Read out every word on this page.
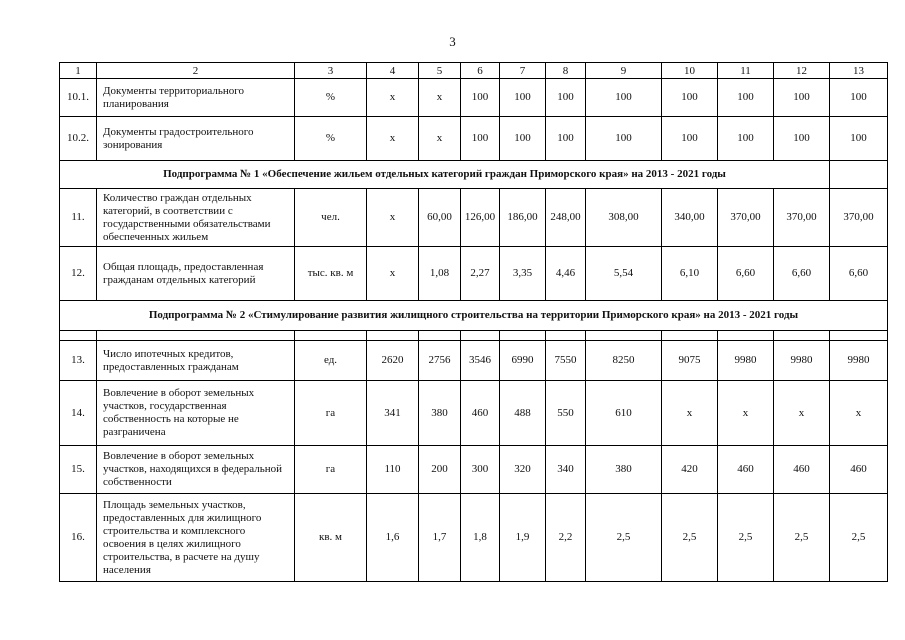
3
1	2	3	4	5	6	7	8	9	10	11	12	13
10.1.	Документы территориального планирования	%	х	х	100	100	100	100	100	100	100	100
10.2.	Документы градостроительного зонирования	%	х	х	100	100	100	100	100	100	100	100
Подпрограмма № 1 «Обеспечение жильем отдельных категорий граждан Приморского края» на 2013 - 2021 годы												
11.	Количество граждан отдельных категорий, в соответствии с государственными обязательствами обеспеченных жильем	чел.	х	60,00	126,00	186,00	248,00	308,00	340,00	370,00	370,00	370,00
12.	Общая площадь, предоставленная гражданам отдельных категорий	тыс. кв. м	х	1,08	2,27	3,35	4,46	5,54	6,10	6,60	6,60	6,60
Подпрограмма № 2 «Стимулирование развития жилищного строительства на территории Приморского края» на 2013 - 2021 годы												

13.	Число ипотечных кредитов, предоставленных гражданам	ед.	2620	2756	3546	6990	7550	8250	9075	9980	9980	9980
14.	Вовлечение в оборот земельных участков, государственная собственность на которые не разграничена	га	341	380	460	488	550	610	х	х	х	х
15.	Вовлечение в оборот земельных участков, находящихся в федеральной собственности	га	110	200	300	320	340	380	420	460	460	460
16.	Площадь земельных участков, предоставленных для жилищного строительства и комплексного освоения в целях жилищного строительства, в расчете на душу населения	кв. м	1,6	1,7	1,8	1,9	2,2	2,5	2,5	2,5	2,5	2,5
